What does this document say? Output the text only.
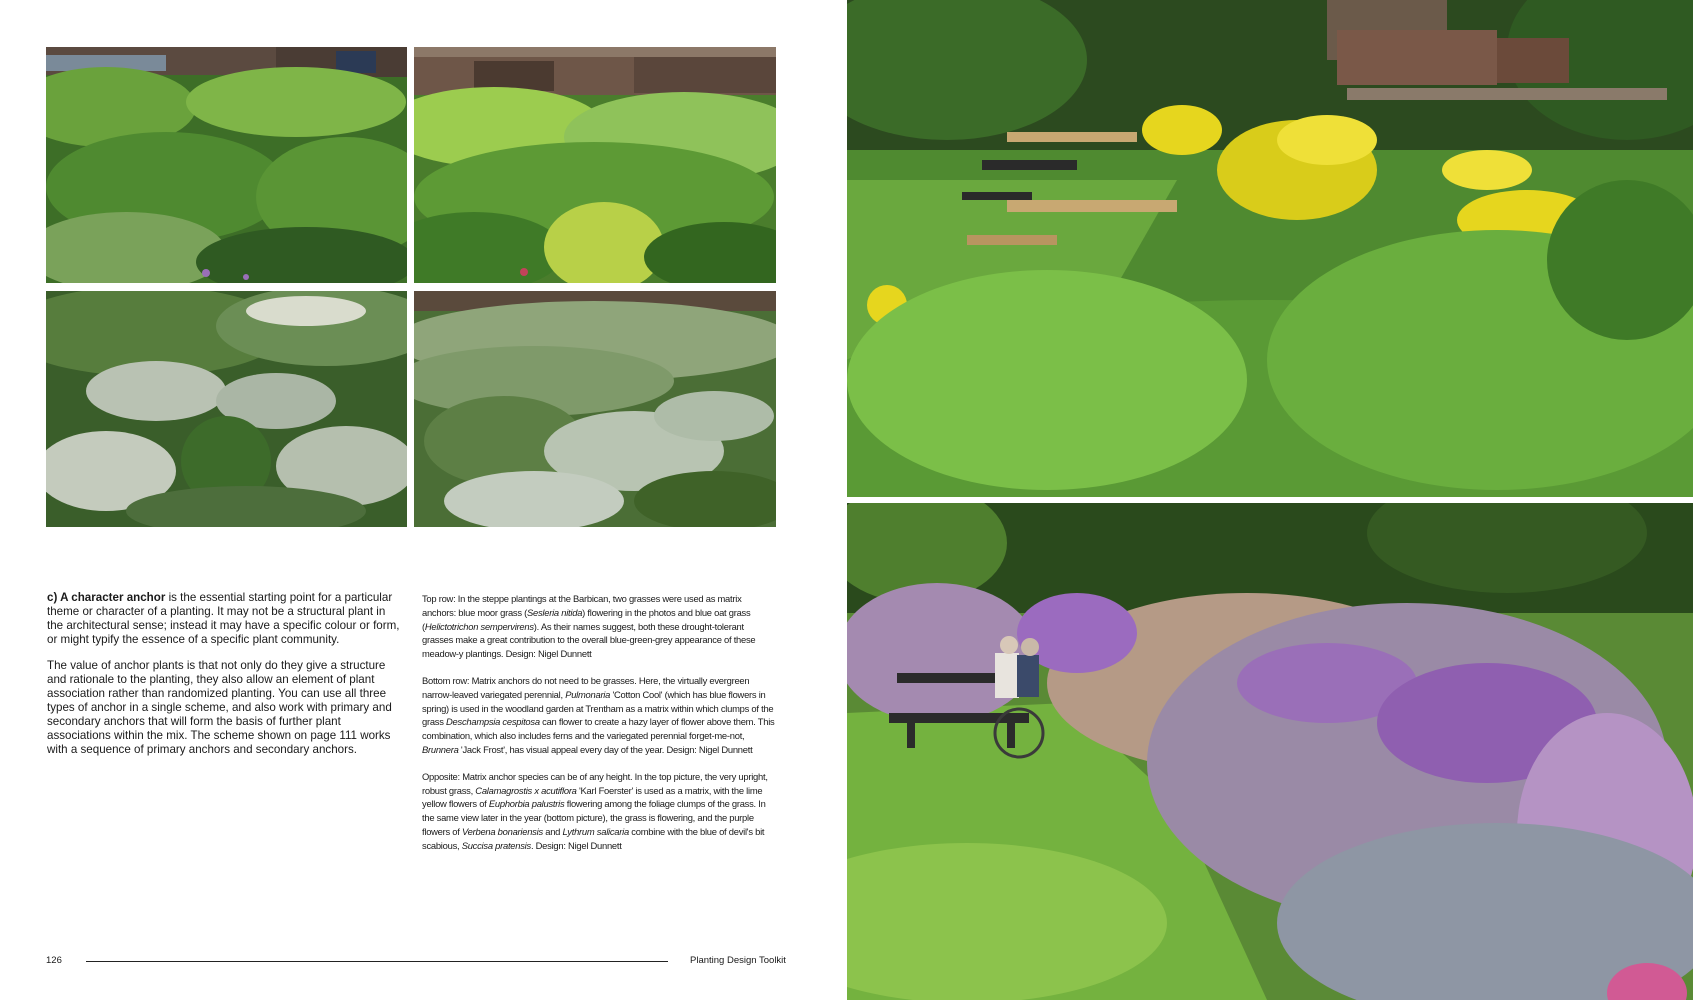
c) A character anchor is the essential starting point for a particular theme or character of a planting. It may not be a structural plant in the architectural sense; instead it may have a specific colour or form, or might typify the essence of a specific plant community.

The value of anchor plants is that not only do they give a structure and rationale to the planting, they also allow an element of plant association rather than randomized planting. You can use all three types of anchor in a single scheme, and also work with primary and secondary anchors that will form the basis of further plant associations within the mix. The scheme shown on page 111 works with a sequence of primary anchors and secondary anchors.

Top row: In the steppe plantings at the Barbican, two grasses were used as matrix anchors: blue moor grass (Sesleria nitida) flowering in the photos and blue oat grass (Helictotrichon sempervirens). As their names suggest, both these drought-tolerant grasses make a great contribution to the overall blue-green-grey appearance of these meadow-y plantings. Design: Nigel Dunnett

Bottom row: Matrix anchors do not need to be grasses. Here, the virtually evergreen narrow-leaved variegated perennial, Pulmonaria 'Cotton Cool' (which has blue flowers in spring) is used in the woodland garden at Trentham as a matrix within which clumps of the grass Deschampsia cespitosa can flower to create a hazy layer of flower above them. This combination, which also includes ferns and the variegated perennial forget-me-not, Brunnera 'Jack Frost', has visual appeal every day of the year. Design: Nigel Dunnett

Opposite: Matrix anchor species can be of any height. In the top picture, the very upright, robust grass, Calamagrostis x acutiflora 'Karl Foerster' is used as a matrix, with the lime yellow flowers of Euphorbia palustris flowering among the foliage clumps of the grass. In the same view later in the year (bottom picture), the grass is flowering, and the purple flowers of Verbena bonariensis and Lythrum salicaria combine with the blue of devil's bit scabious, Succisa pratensis. Design: Nigel Dunnett

126	Planting Design Toolkit
